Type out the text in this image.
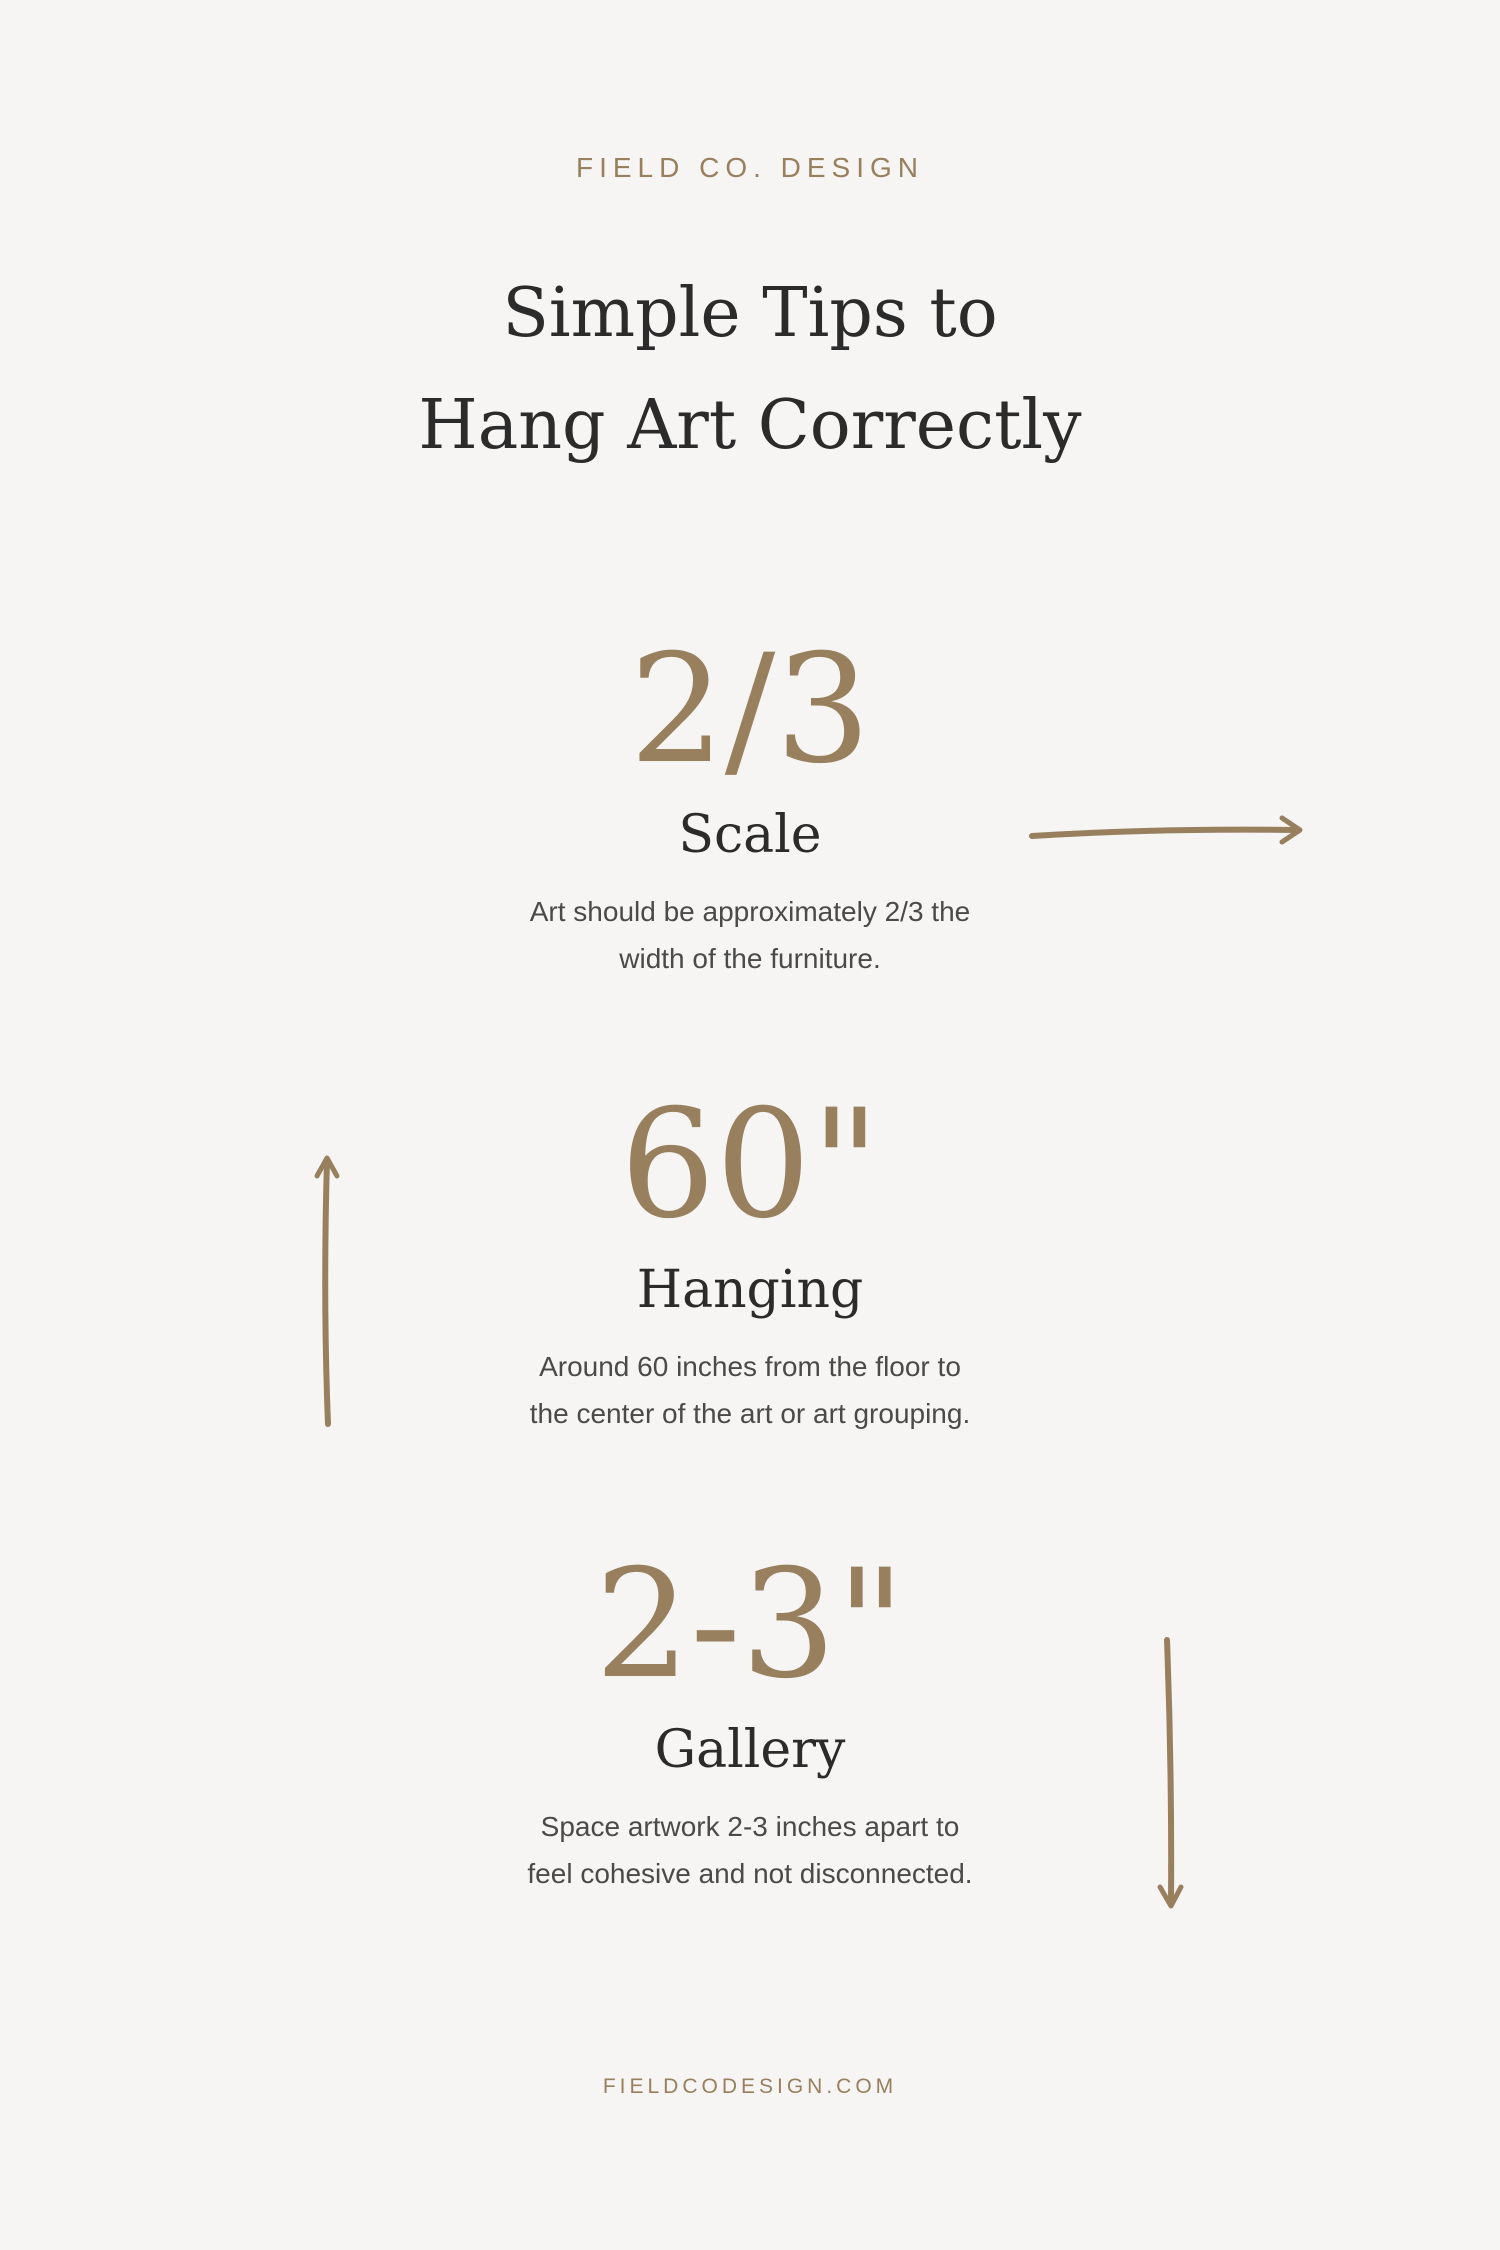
FIELD CO. DESIGN
Simple Tips to
Hang Art Correctly
2/3
Scale
Art should be approximately 2/3 the
width of the furniture.
60"
Hanging
Around 60 inches from the floor to
the center of the art or art grouping.
2-3"
Gallery
Space artwork 2-3 inches apart to
feel cohesive and not disconnected.
FIELDCODESIGN.COM
